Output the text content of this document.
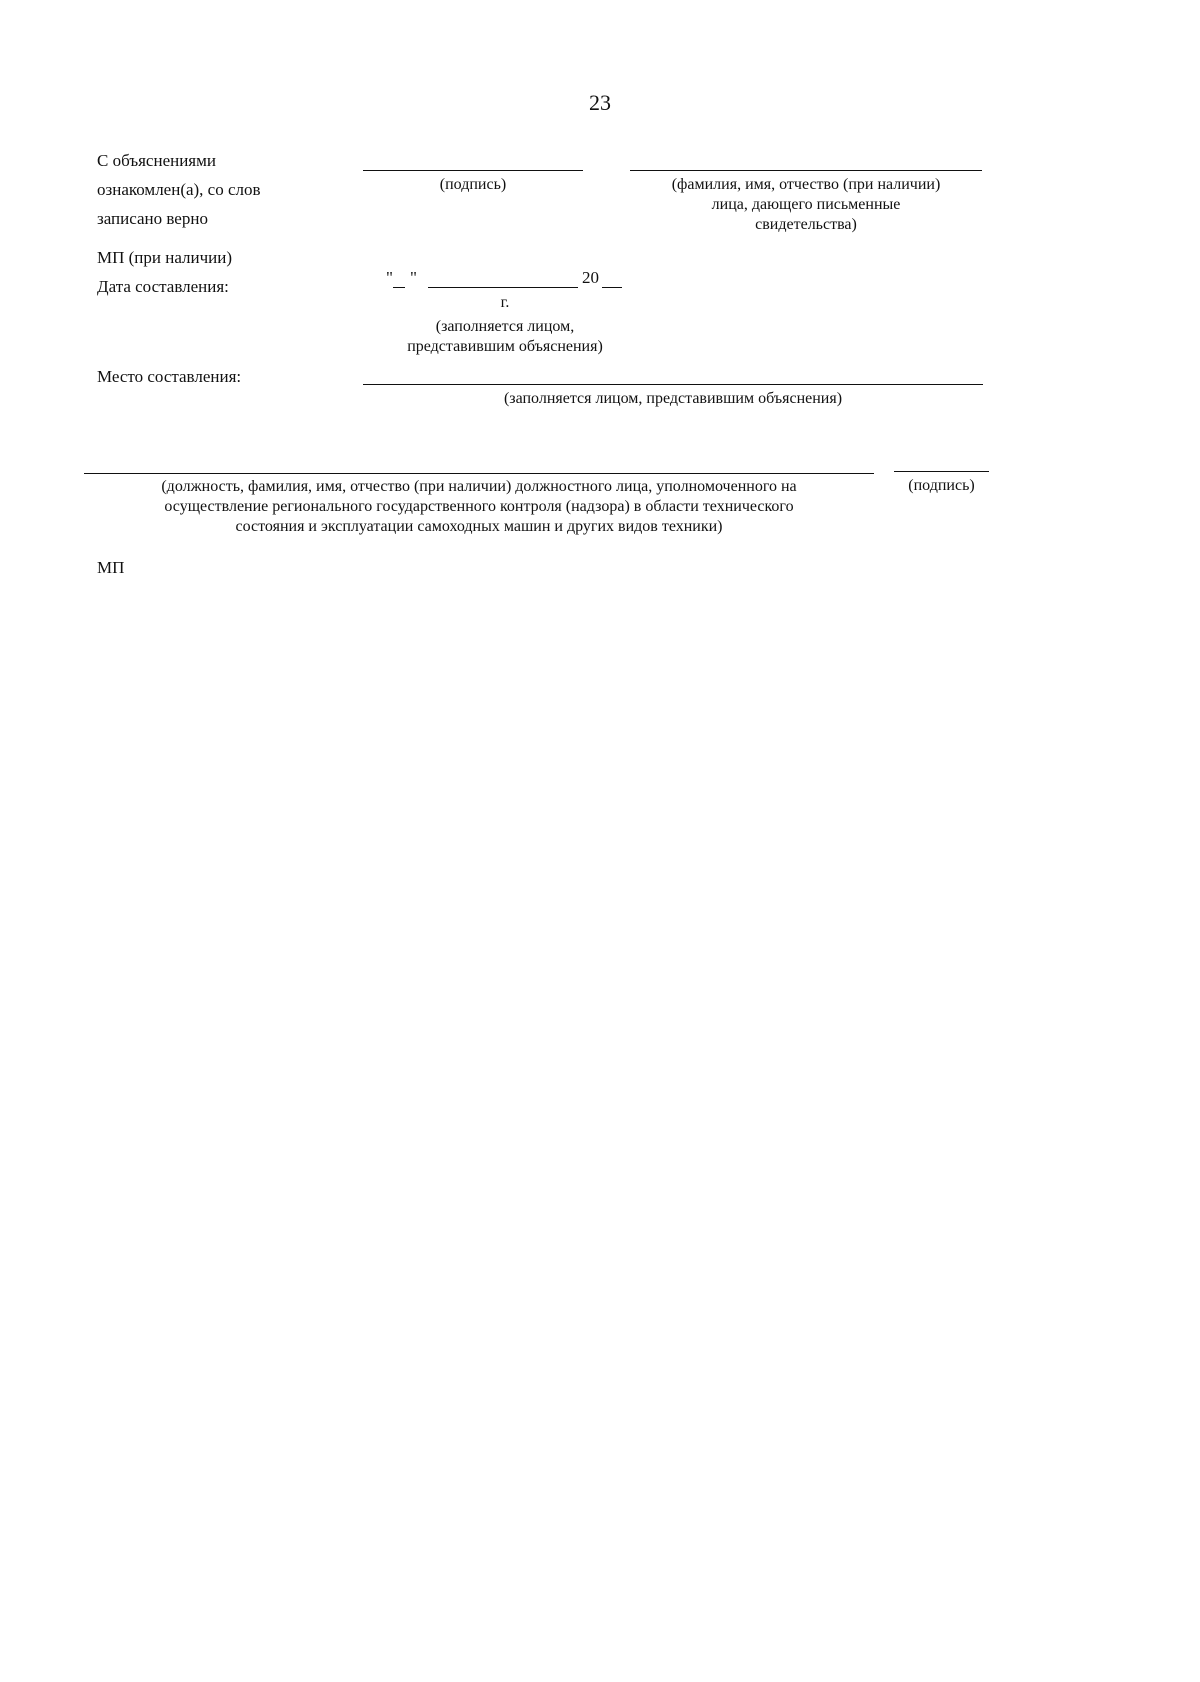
23
С объяснениями
ознакомлен(а), со слов
записано верно
(подпись)	(фамилия, имя, отчество (при наличии)
лица, дающего письменные
свидетельства)
МП (при наличии)
Дата составления:	" "	20
г.
(заполняется лицом,
представившим объяснения)
Место составления:
(заполняется лицом, представившим объяснения)
(должность, фамилия, имя, отчество (при наличии) должностного лица, уполномоченного на
осуществление регионального государственного контроля (надзора) в области технического
состояния и эксплуатации самоходных машин и других видов техники)
(подпись)
МП
